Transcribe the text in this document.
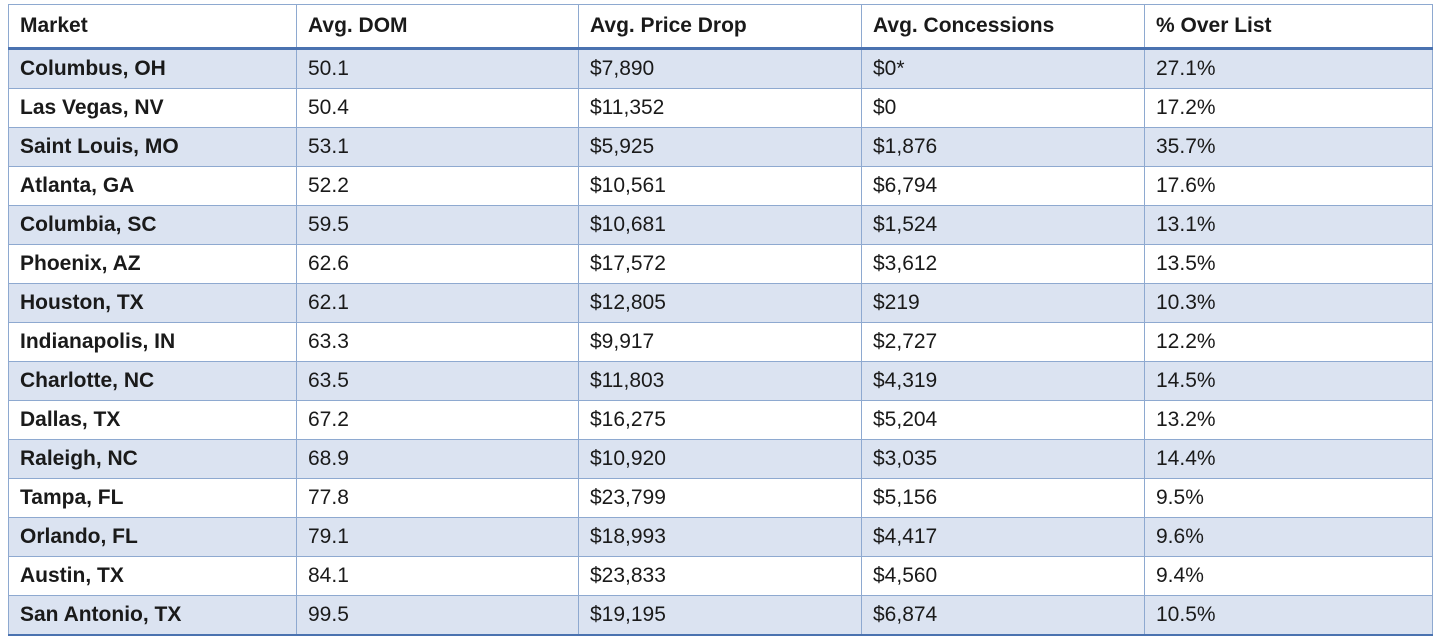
Market	Avg. DOM	Avg. Price Drop	Avg. Concessions	% Over List
Columbus, OH	50.1	$7,890	$0*	27.1%
Las Vegas, NV	50.4	$11,352	$0	17.2%
Saint Louis, MO	53.1	$5,925	$1,876	35.7%
Atlanta, GA	52.2	$10,561	$6,794	17.6%
Columbia, SC	59.5	$10,681	$1,524	13.1%
Phoenix, AZ	62.6	$17,572	$3,612	13.5%
Houston, TX	62.1	$12,805	$219	10.3%
Indianapolis, IN	63.3	$9,917	$2,727	12.2%
Charlotte, NC	63.5	$11,803	$4,319	14.5%
Dallas, TX	67.2	$16,275	$5,204	13.2%
Raleigh, NC	68.9	$10,920	$3,035	14.4%
Tampa, FL	77.8	$23,799	$5,156	9.5%
Orlando, FL	79.1	$18,993	$4,417	9.6%
Austin, TX	84.1	$23,833	$4,560	9.4%
San Antonio, TX	99.5	$19,195	$6,874	10.5%
